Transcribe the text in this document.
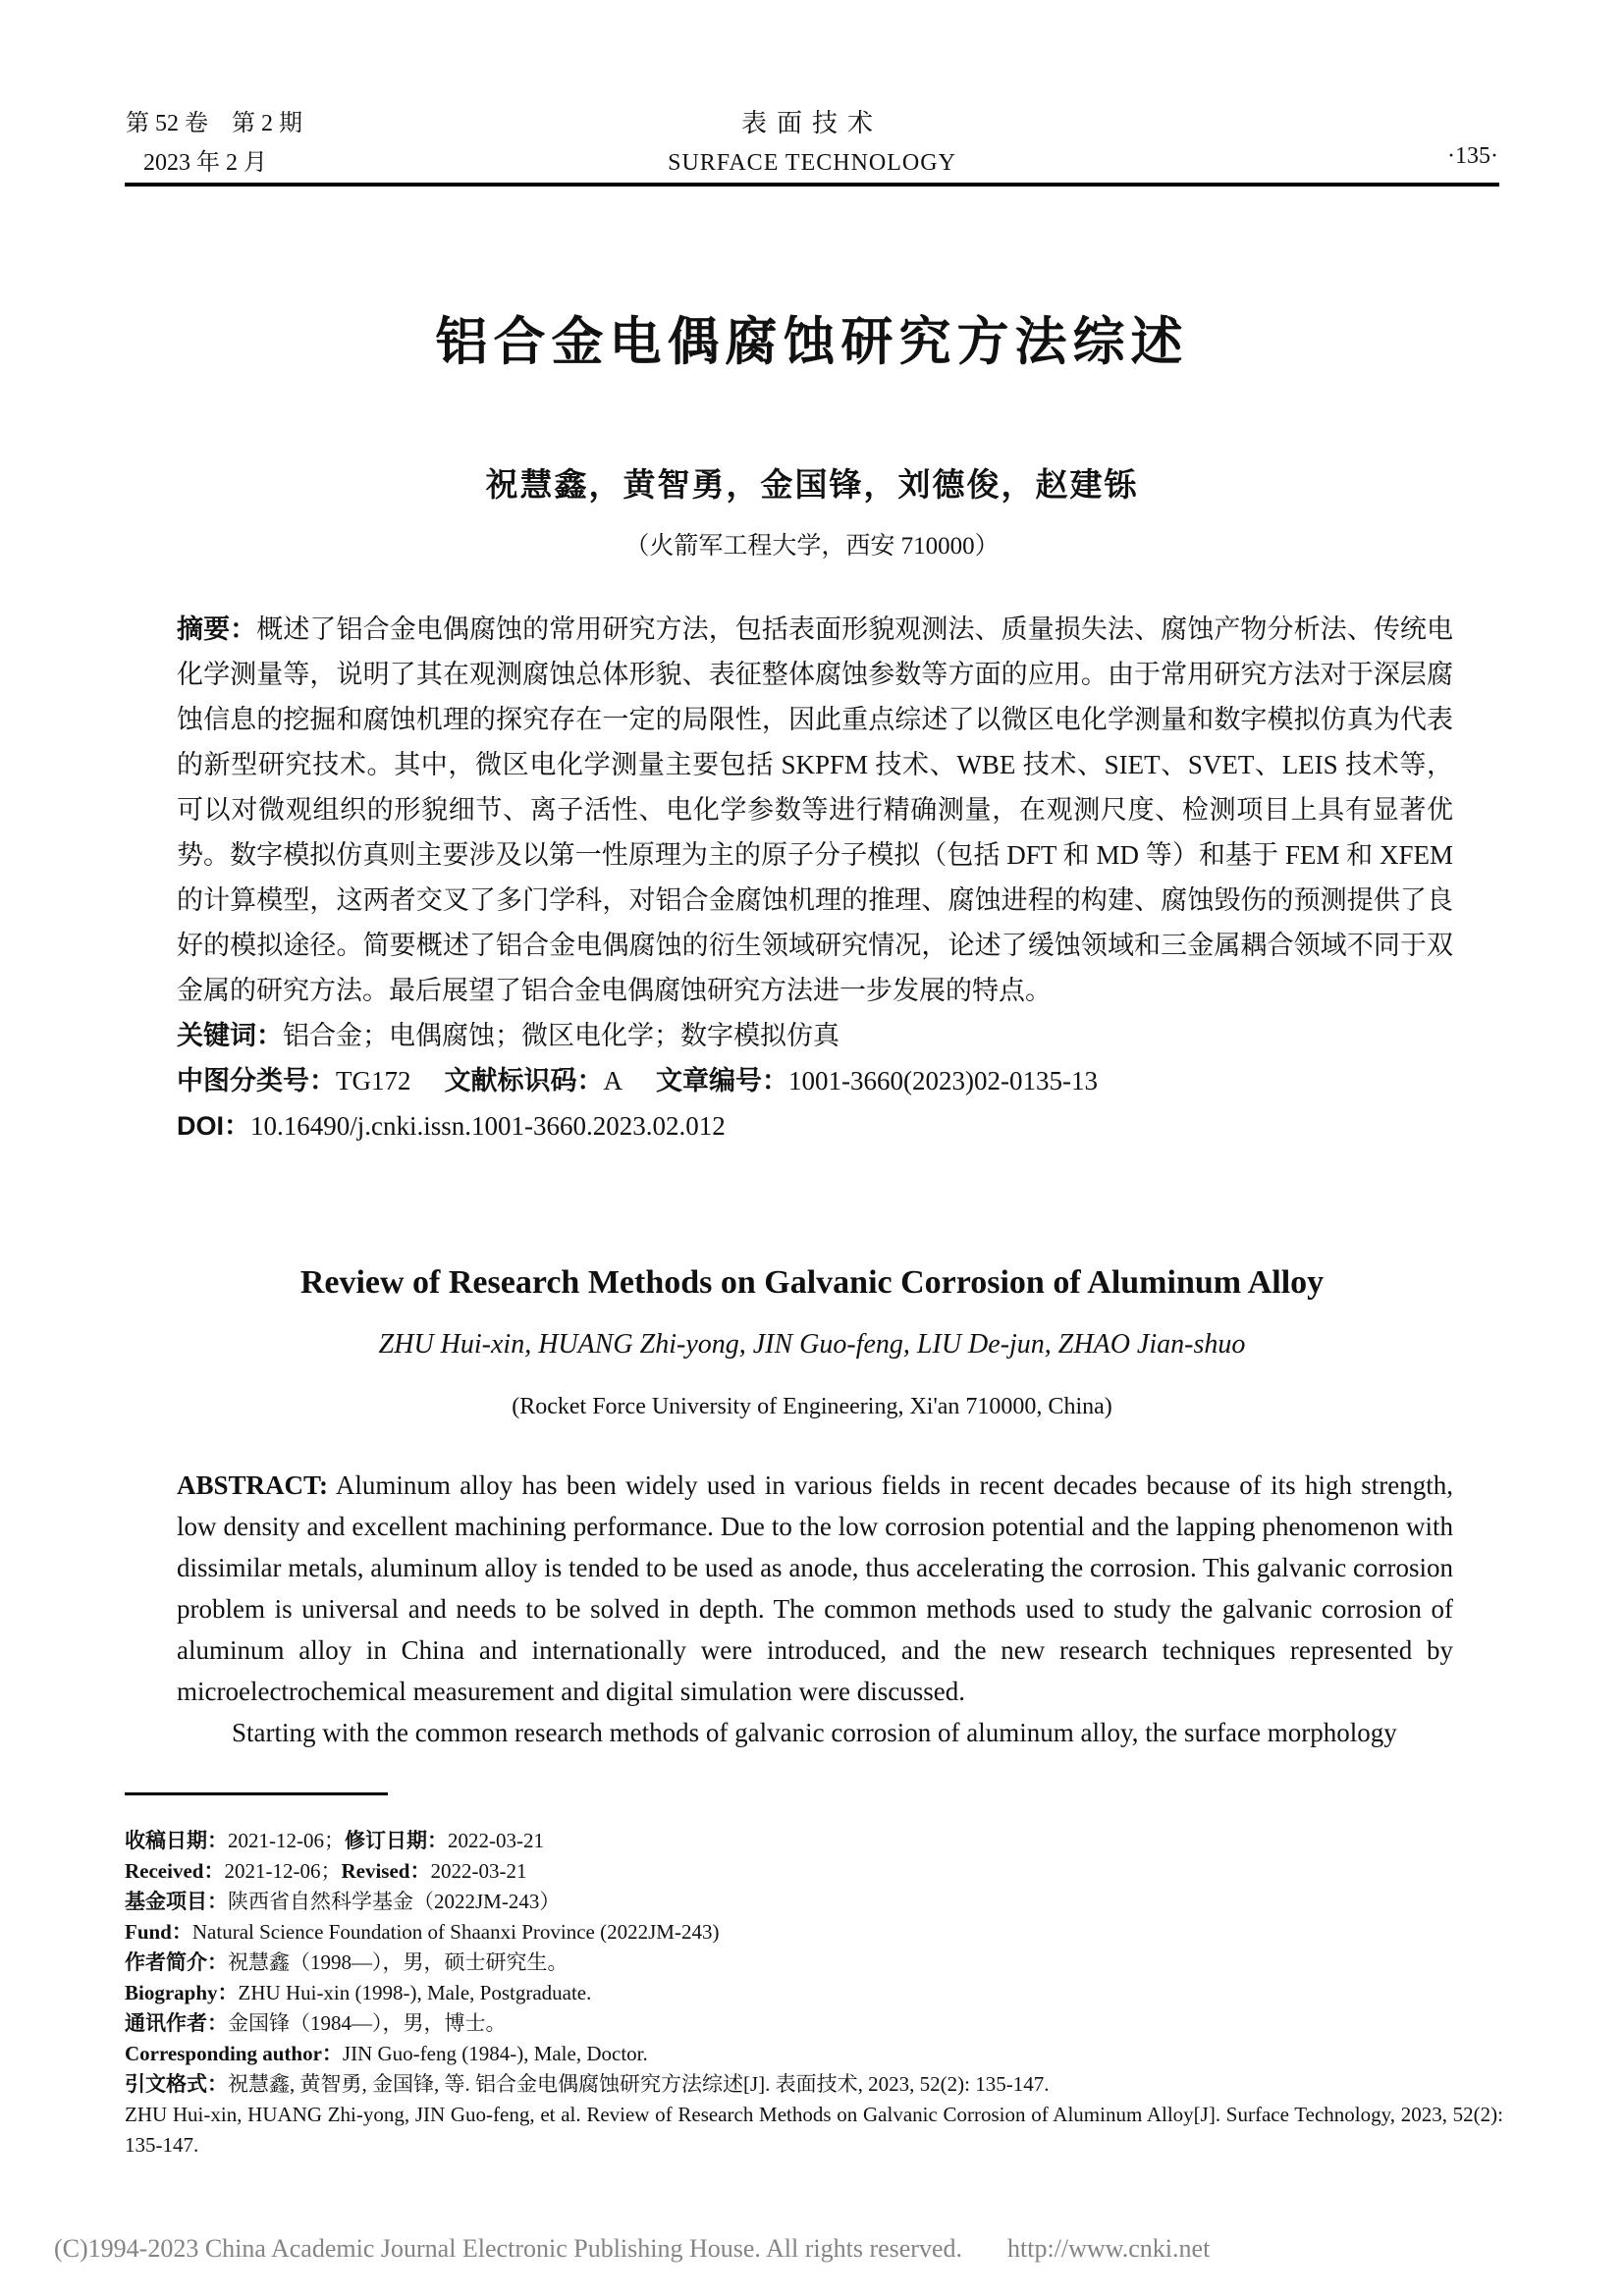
第 52 卷　第 2 期
2023 年 2 月
表面技术
SURFACE TECHNOLOGY	·135·
铝合金电偶腐蚀研究方法综述
祝慧鑫，黄智勇，金国锋，刘德俊，赵建铄
（火箭军工程大学，西安 710000）

摘要：概述了铝合金电偶腐蚀的常用研究方法，包括表面形貌观测法、质量损失法、腐蚀产物分析法、传统电化学测量等，说明了其在观测腐蚀总体形貌、表征整体腐蚀参数等方面的应用。由于常用研究方法对于深层腐蚀信息的挖掘和腐蚀机理的探究存在一定的局限性，因此重点综述了以微区电化学测量和数字模拟仿真为代表的新型研究技术。其中，微区电化学测量主要包括 SKPFM 技术、WBE 技术、SIET、SVET、LEIS 技术等，可以对微观组织的形貌细节、离子活性、电化学参数等进行精确测量，在观测尺度、检测项目上具有显著优势。数字模拟仿真则主要涉及以第一性原理为主的原子分子模拟（包括 DFT 和 MD 等）和基于 FEM 和 XFEM 的计算模型，这两者交叉了多门学科，对铝合金腐蚀机理的推理、腐蚀进程的构建、腐蚀毁伤的预测提供了良好的模拟途径。简要概述了铝合金电偶腐蚀的衍生领域研究情况，论述了缓蚀领域和三金属耦合领域不同于双金属的研究方法。最后展望了铝合金电偶腐蚀研究方法进一步发展的特点。

关键词：铝合金；电偶腐蚀；微区电化学；数字模拟仿真

中图分类号：TG172 文献标识码：A 文章编号：1001-3660(2023)02-0135-13

DOI：10.16490/j.cnki.issn.1001-3660.2023.02.012

Review of Research Methods on Galvanic Corrosion of Aluminum Alloy
ZHU Hui-xin, HUANG Zhi-yong, JIN Guo-feng, LIU De-jun, ZHAO Jian-shuo
(Rocket Force University of Engineering, Xi'an 710000, China)

ABSTRACT: Aluminum alloy has been widely used in various fields in recent decades because of its high strength, low density and excellent machining performance. Due to the low corrosion potential and the lapping phenomenon with dissimilar metals, aluminum alloy is tended to be used as anode, thus accelerating the corrosion. This galvanic corrosion problem is universal and needs to be solved in depth. The common methods used to study the galvanic corrosion of aluminum alloy in China and internationally were introduced, and the new research techniques represented by microelectrochemical measurement and digital simulation were discussed.

Starting with the common research methods of galvanic corrosion of aluminum alloy, the surface morphology

收稿日期：2021-12-06；修订日期：2022-03-21

Received：2021-12-06；Revised：2022-03-21

基金项目：陕西省自然科学基金（2022JM-243）

Fund：Natural Science Foundation of Shaanxi Province (2022JM-243)

作者简介：祝慧鑫（1998—），男，硕士研究生。

Biography：ZHU Hui-xin (1998-), Male, Postgraduate.

通讯作者：金国锋（1984—），男，博士。

Corresponding author：JIN Guo-feng (1984-), Male, Doctor.

引文格式：祝慧鑫, 黄智勇, 金国锋, 等. 铝合金电偶腐蚀研究方法综述[J]. 表面技术, 2023, 52(2): 135-147.

ZHU Hui-xin, HUANG Zhi-yong, JIN Guo-feng, et al. Review of Research Methods on Galvanic Corrosion of Aluminum Alloy[J]. Surface Technology, 2023, 52(2): 135-147.

(C)1994-2023 China Academic Journal Electronic Publishing House. All rights reserved. http://www.cnki.net
